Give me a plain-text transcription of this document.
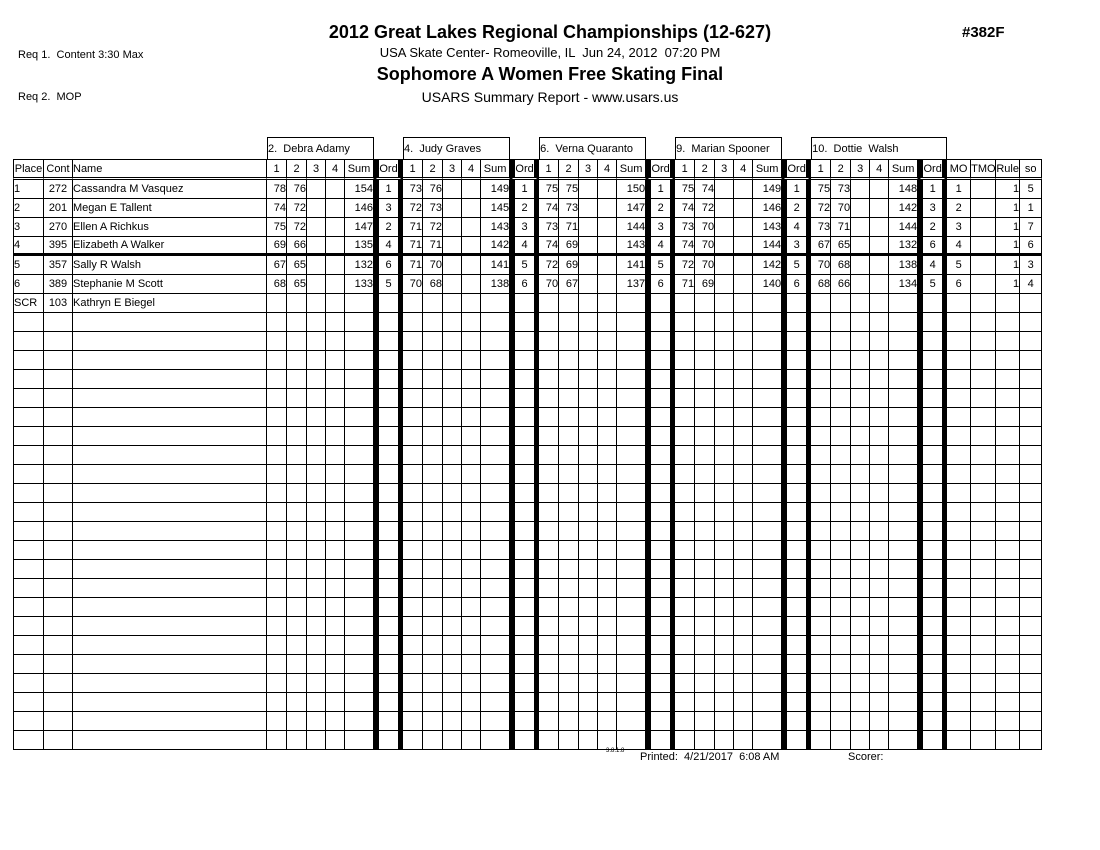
Req 1.  Content 3:30 Max

Req 2.  MOP

2012 Great Lakes Regional Championships (12-627)
USA Skate Center- Romeoville, IL  Jun 24, 2012  07:20 PM
Sophomore A Women Free Skating Final
USARS Summary Report - www.usars.us
#382F
			2.  Debra Adamy						4.  Judy Graves						6.  Verna Quaranto						9.  Marian Spooner						10.  Dottie  Walsh									
Place	Cont	Name	1	2	3	4	Sum	Ord	1	2	3	4	Sum	Ord	1	2	3	4	Sum	Ord	1	2	3	4	Sum	Ord	1	2	3	4	Sum	Ord	MO	TMO	Rule	so
1	272	Cassandra M Vasquez	78	76			154	1	73	76			149	1	75	75			150	1	75	74			149	1	75	73			148	1	1		1	5
2	201	Megan E Tallent	74	72			146	3	72	73			145	2	74	73			147	2	74	72			146	2	72	70			142	3	2		1	1
3	270	Ellen A Richkus	75	72			147	2	71	72			143	3	73	71			144	3	73	70			143	4	73	71			144	2	3		1	7
4	395	Elizabeth A Walker	69	66			135	4	71	71			142	4	74	69			143	4	74	70			144	3	67	65			132	6	4		1	6
5	357	Sally R Walsh	67	65			132	6	71	70			141	5	72	69			141	5	72	70			142	5	70	68			138	4	5		1	3
6	389	Stephanie M Scott	68	65			133	5	70	68			138	6	70	67			137	6	71	69			140	6	68	66			134	5	6		1	4
SCR	103	Kathryn E Biegel																																		

3.8.1.8 Printed:  4/21/2017  6:08 AM	Scorer:
